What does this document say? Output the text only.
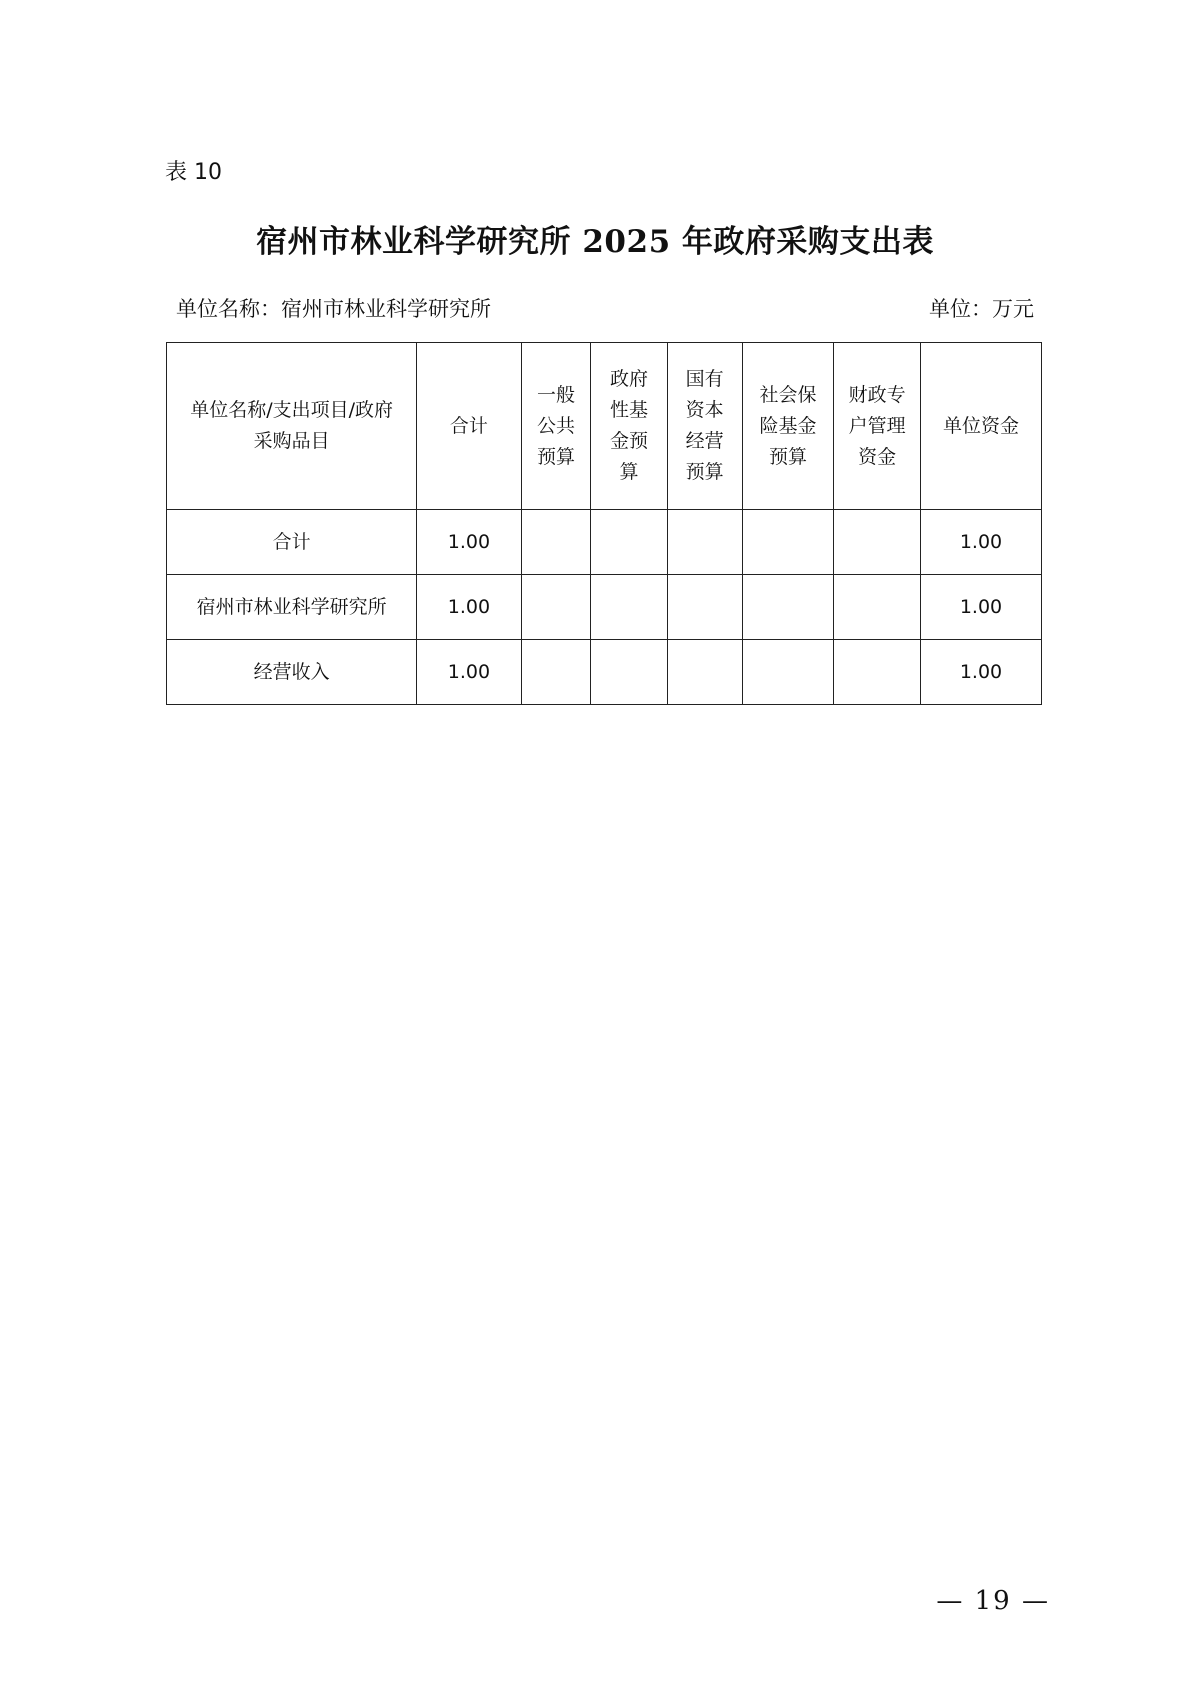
表 10
宿州市林业科学研究所 2025 年政府采购支出表
单位名称：宿州市林业科学研究所	单位：万元
单位名称/支出项目/政府采购品目	合计	一般公共预算	政府性基金预算	国有资本经营预算	社会保险基金预算	财政专户管理资金	单位资金

合计	1.00						1.00
宿州市林业科学研究所	1.00						1.00
经营收入	1.00						1.00
— 19 —
